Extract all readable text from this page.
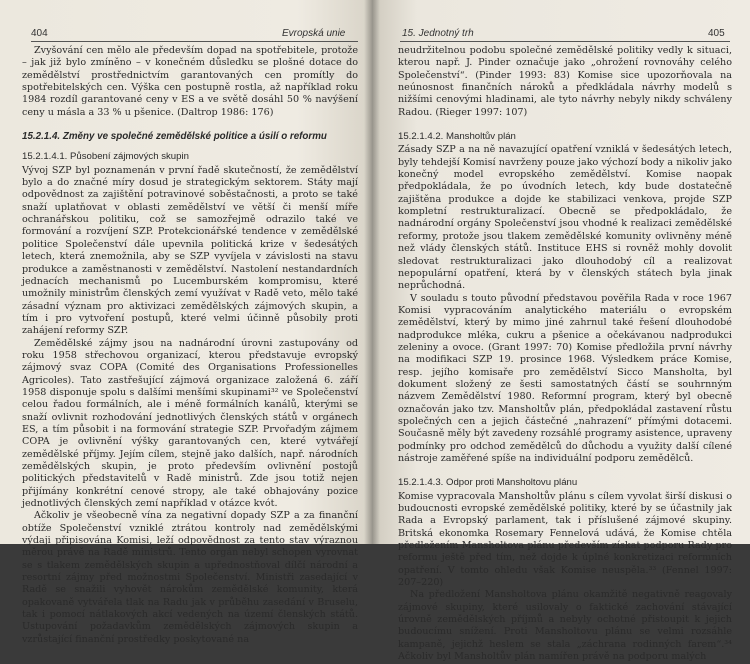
404	Evropská unie

Zvyšování cen mělo ale především dopad na spotřebitele, protože – jak již bylo zmíněno – v konečném důsledku se plošné dotace do zemědělství prostřednictvím garantovaných cen promítly do spotřebitelských cen. Výška cen postupně rostla, až například roku 1984 rozdíl garantované ceny v ES a ve světě dosáhl 50 % navýšení ceny u másla a 33 % u pšenice. (Daltrop 1986: 176)

15.2.1.4. Změny ve společné zemědělské politice a úsilí o reformu
15.2.1.4.1. Působení zájmových skupin

Vývoj SZP byl poznamenán v první řadě skutečností, že zemědělství bylo a do značné míry dosud je strategickým sektorem. Státy mají odpovědnost za zajištění potravinové soběstačnosti, a proto se také snaží uplatňovat v oblasti zemědělství ve větší či menší míře ochranářskou politiku, což se samozřejmě odrazilo také ve formování a rozvíjení SZP. Protekcionářské tendence v zemědělské politice Společenství dále upevnila politická krize v šedesátých letech, která znemožnila, aby se SZP vyvíjela v závislosti na stavu produkce a zaměstnanosti v zemědělství. Nastolení nestandardních jednacích mechanismů po Lucemburském kompromisu, které umožnily ministrům členských zemí využívat v Radě veto, mělo také zásadní význam pro aktivizaci zemědělských zájmových skupin, a tím i pro vytvoření postupů, které velmi účinně působily proti zahájení reformy SZP.

Zemědělské zájmy jsou na nadnárodní úrovni zastupovány od roku 1958 střechovou organizací, kterou představuje evropský zájmový svaz COPA (Comité des Organisations Professionelles Agricoles). Tato zastřešující zájmová organizace založená 6. září 1958 disponuje spolu s dalšími menšími skupinami³² ve Společenství celou řadou formálních, ale i méně formálních kanálů, kterými se snaží ovlivnit rozhodování jednotlivých členských států v orgánech ES, a tím působit i na formování strategie SZP. Prvořadým zájmem COPA je ovlivnění výšky garantovaných cen, které vytvářejí zemědělské příjmy. Jejím cílem, stejně jako dalších, např. národních zemědělských skupin, je proto především ovlivnění postojů politických představitelů v Radě ministrů. Zde jsou totiž nejen přijímány konkrétní cenové stropy, ale také obhajovány pozice jednotlivých členských zemí například v otázce kvót.

Ačkoliv je všeobecně vína za negativní dopady SZP a za finanční obtíže Společenství vzniklé ztrátou kontroly nad zemědělskými výdaji připisována Komisi, leží odpovědnost za tento stav výraznou měrou právě na Radě ministrů. Tento orgán nebyl schopen vyrovnat se s tlakem zemědělských skupin a upřednostňoval dílčí národní a resortní zájmy před možnostmi Společenství. Ministři zasedající v Radě se snažili vyhovět nárokům zemědělské komunity, která opakovaně vytvářela tlak na Radu jak v průběhu zasedání v Bruselu, tak i pomocí nátlakových akcí vedených na území členských států. Ustupování požadavkům zemědělských zájmových skupin a vzrůstající finanční prostředky poskytované na

15. Jednotný trh	405

neudržitelnou podobu společné zemědělské politiky vedly k situaci, kterou např. J. Pinder označuje jako „ohrožení rovnováhy celého Společenství“. (Pinder 1993: 83) Komise sice upozorňovala na neúnosnost finančních nároků a předkládala návrhy modelů s nižšími cenovými hladinami, ale tyto návrhy nebyly nikdy schváleny Radou. (Rieger 1997: 107)

15.2.1.4.2. Mansholtův plán

Zásady SZP a na ně navazující opatření vzniklá v šedesátých letech, byly tehdejší Komisí navrženy pouze jako výchozí body a nikoliv jako konečný model evropského zemědělství. Komise naopak předpokládala, že po úvodních letech, kdy bude dostatečně zajištěna produkce a dojde ke stabilizaci venkova, projde SZP kompletní restrukturalizací. Obecně se předpokládalo, že nadnárodní orgány Společenství jsou vhodné k realizaci zemědělské reformy, protože jsou tlakem zemědělské komunity ovlivněny méně než vlády členských států. Instituce EHS si rovněž mohly dovolit sledovat restrukturalizaci jako dlouhodobý cíl a realizovat nepopulární opatření, která by v členských státech byla jinak neprůchodná.

V souladu s touto původní představou pověřila Rada v roce 1967 Komisi vypracováním analytického materiálu o evropském zemědělství, který by mimo jiné zahrnul také řešení dlouhodobé nadprodukce mléka, cukru a pšenice a očekávanou nadprodukci zeleniny a ovoce. (Grant 1997: 70) Komise předložila první návrhy na modifikaci SZP 19. prosince 1968. Výsledkem práce Komise, resp. jejího komisaře pro zemědělství Sicco Mansholta, byl dokument složený ze šesti samostatných částí se souhrnným názvem Zemědělství 1980. Reformní program, který byl obecně označován jako tzv. Mansholtův plán, předpokládal zastavení růstu společných cen a jejich částečné „nahrazení“ přímými dotacemi. Současně měly být zavedeny rozsáhlé programy asistence, upraveny podmínky pro odchod zemědělců do důchodu a využity další cílené nástroje zaměřené spíše na individuální podporu zemědělců.

15.2.1.4.3. Odpor proti Mansholtovu plánu

Komise vypracovala Mansholtův plánu s cílem vyvolat širší diskusi o budoucnosti evropské zemědělské politiky, které by se účastnily jak Rada a Evropský parlament, tak i příslušené zájmové skupiny. Britská ekonomka Rosemary Fennelová udává, že Komise chtěla předložením Mansholtova plánu především získat podporu Rady pro reformu ještě před tím, než dojde k úplné konkretizaci reformních opatření. V tomto ohledu však Komise neuspěla.³³ (Fennel 1997: 207–220)

Na předložení Mansholtova plánu okamžitě negativně reagovaly zájmové skupiny, které usilovaly o faktické zachování stávající úrovně zemědělských příjmů a nebyly ochotné přistoupit k jejich budoucímu snížení. Proti Mansholtovu plánu se velmi rozsáhle kampaně, jejichž heslem se stala „záchrana rodinných farem“.³⁴ Ačkoliv byl Mansholtův plán namířen právě na podporu malých
